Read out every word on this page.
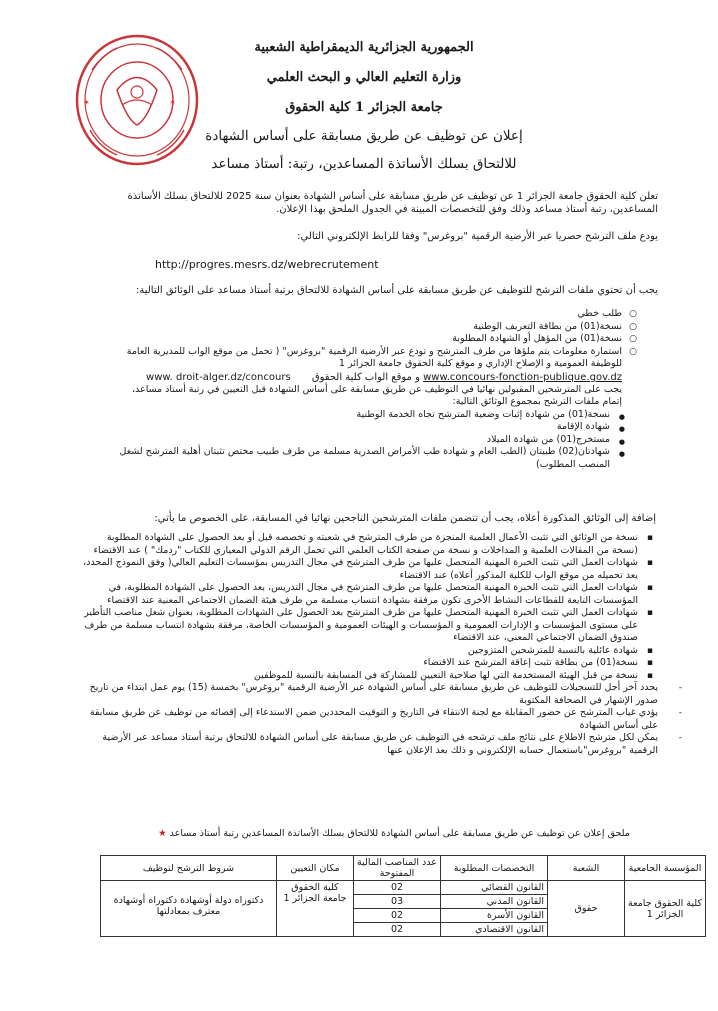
✶	✶
الجمهورية الجزائرية الديمقراطية الشعبية
وزارة التعليم العالي و البحث العلمي
جامعة الجزائر 1 كلية الحقوق
إعلان عن توظيف عن طريق مسابقة على أساس الشهادة
للالتحاق بسلك الأساتذة المساعدين، رتبة: أستاذ مساعد
تعلن كلية الحقوق جامعة الجزائر 1 عن توظيف عن طريق مسابقة على أساس الشهادة بعنوان سنة 2025 للالتحاق بسلك الأساتذة المساعدين، رتبة أستاذ مساعد وذلك وفق للتخصصات المبينة في الجدول الملحق بهذا الإعلان.
يودع ملف الترشح حصريا عبر الأرضية الرقمية "بروغرس" وفقا للرابط الإلكتروني التالي:
http://progres.mesrs.dz/webrecrutement
يجب أن تحتوي ملفات الترشح للتوظيف عن طريق مسابقة على أساس الشهادة للالتحاق برتبة أستاذ مساعد على الوثائق التالية:
○ طلب خطي
○ نسخة(01) من بطاقة التعريف الوطنية
○ نسخة(01) من المؤهل أو الشهادة المطلوبة
○ استمارة معلومات يتم ملؤها من طرف المترشح و تودع عبر الأرضية الرقمية "بروغرس" ( تحمل من موقع الواب للمديرية العامة للوظيفة العمومية و الإصلاح الإداري و موقع كلية الحقوق جامعة الجزائر 1
www.concours-fonction-publique.gov.dz و موقع الواب كلية الحقوق www. droit-alger.dz/concours
يجب على المترشحين المقبولين نهائيا في التوظيف عن طريق مسابقة على أساس الشهادة قبل التعيين في رتبة أستاذ مساعد، إتمام ملفات الترشح بمجموع الوثائق التالية:
● نسخة(01) من شهادة إثبات وضعية المترشح تجاه الخدمة الوطنية
● شهادة الإقامة
● مستخرج(01) من شهادة الميلاد
● شهادتان(02) طبيتان (الطب العام و شهادة طب الأمراض الصدرية مسلمة من طرف طبيب مختص تثبتان أهلية المترشح لشغل المنصب المطلوب)
إضافة إلى الوثائق المذكورة أعلاه، يجب أن تتضمن ملفات المترشحين الناجحين نهائيا في المسابقة، على الخصوص ما يأتي:
▪ نسخة من الوثائق التي تثبت الأعمال العلمية المنجزة من طرف المترشح في شعبته و تخصصه قبل أو بعد الحصول على الشهادة المطلوبة (نسخة من المقالات العلمية و المداخلات و نسخة من صفحة الكتاب العلمي التي تحمل الرقم الدولي المعياري للكتاب "ردمك" ) عند الاقتضاء
▪ شهادات العمل التي تثبت الخبرة المهنية المتحصل عليها من طرف المترشح في مجال التدريس بمؤسسات التعليم العالي( وفق النموذج المحدد، يعد تحميله من موقع الواب للكلية المذكور أعلاه) عند الاقتضاء
▪ شهادات العمل التي تثبت الخبرة المهنية المتحصل عليها من طرف المترشح في مجال التدريس، بعد الحصول على الشهادة المطلوبة، في المؤسسات التابعة للقطاعات النشاط الأخرى تكون مرفقة بشهادة انتساب مسلمة من طرف هيئة الضمان الاجتماعي المعنية عند الاقتضاء
▪ شهادات العمل التي تثبت الخبرة المهنية المتحصل عليها من طرف المترشح بعد الحصول على الشهادات المطلوبة، بعنوان شغل مناصب التأطير على مستوى المؤسسات و الإدارات العمومية و المؤسسات و الهيئات العمومية و المؤسسات الخاصة، مرفقة بشهادة انتساب مسلمة من طرف صندوق الضمان الاجتماعي المعني، عند الاقتضاء
▪ شهادة عائلية بالنسبة للمترشحين المتزوجين
▪ نسخة(01) من بطاقة تثبت إعاقة المترشح عند الاقتضاء
▪ نسخة من قبل الهيئة المستخدمة التي لها صلاحية التعيين للمشاركة في المسابقة بالنسبة للموظفين
- يحدد آخر أجل للتسجيلات للتوظيف عن طريق مسابقة على أساس الشهادة عبر الأرضية الرقمية "بروغرس" بخمسة (15) يوم عمل ابتداء من تاريخ صدور الإشهار في الصحافة المكتوبة
- يؤدي غياب المترشح عن حضور المقابلة مع لجنة الانتقاء في التاريخ و التوقيت المحددين ضمن الاستدعاء إلى إقصائه من توظيف عن طريق مسابقة على أساس الشهادة
- يمكن لكل مترشح الاطلاع على نتائج ملف ترشحه في التوظيف عن طريق مسابقة على أساس الشهادة للالتحاق برتبة أستاذ مساعد عبر الأرضية الرقمية "بروغرس"باستعمال حسابه الإلكتروني و ذلك بعد الإعلان عنها
ملحق إعلان عن توظيف عن طريق مسابقة على أساس الشهادة للالتحاق بسلك الأساتذة المساعدين رتبة أستاذ مساعد ★
المؤسسة الجامعية	الشعبة	التخصصات المطلوبة	عدد المناصب المالية المفتوحة	مكان التعيين	شروط الترشح لتوظيف
كلية الحقوق جامعة الجزائر 1	حقوق	القانون القضائي	02	كلية الحقوق جامعة الجزائر 1	دكتوراه دولة أوشهادة دكتوراه أوشهادة معترف بمعادلتها
		القانون المدني	03		
		القانون الأسرة	02		
		القانون الاقتصادي	02		
